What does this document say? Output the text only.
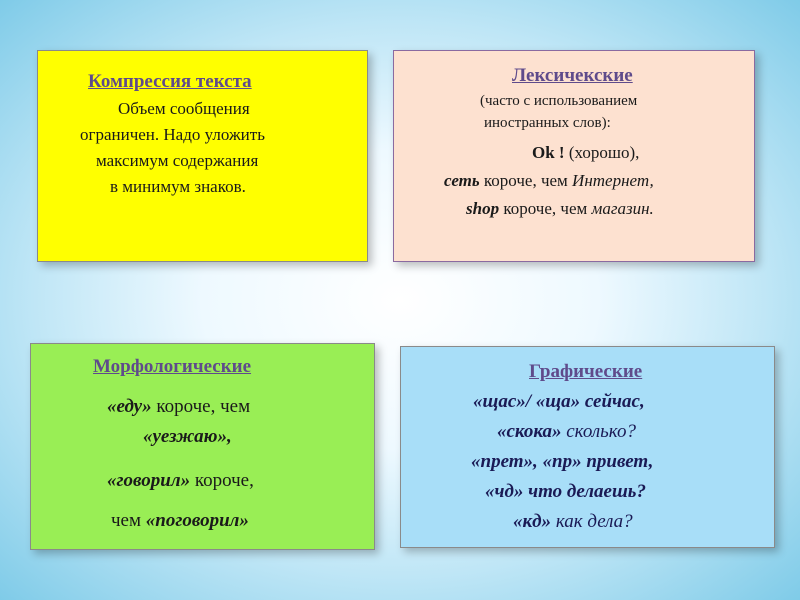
Компрессия текста
Объем сообщения
ограничен. Надо уложить
максимум содержания
в минимум знаков.
Лексичекские
(часто с использованием
иностранных слов):
Ok ! (хорошо),
сеть короче, чем Интернет,
shop короче, чем магазин.
Морфологические
«еду» короче, чем
«уезжаю»,
«говорил» короче,
чем «поговорил»
Графические
«щас»/ «ща» сейчас,
«скока» сколько?
«прет», «пр» привет,
«чд» что делаешь?
«кд» как дела?
